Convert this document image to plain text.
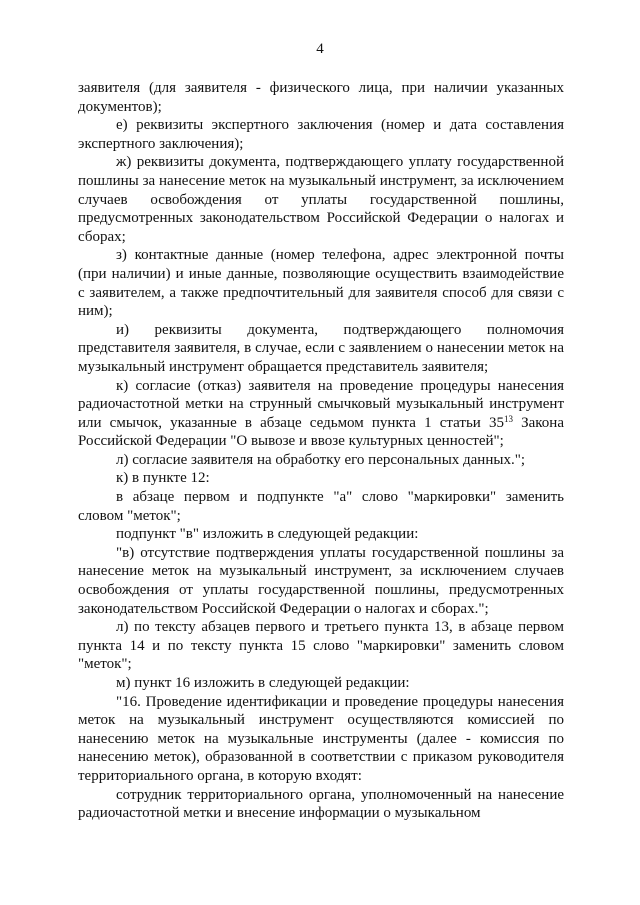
4

заявителя (для заявителя - физического лица, при наличии указанных документов);

е) реквизиты экспертного заключения (номер и дата составления экспертного заключения);

ж) реквизиты документа, подтверждающего уплату государственной пошлины за нанесение меток на музыкальный инструмент, за исключением случаев освобождения от уплаты государственной пошлины, предусмотренных законодательством Российской Федерации о налогах и сборах;

з) контактные данные (номер телефона, адрес электронной почты (при наличии) и иные данные, позволяющие осуществить взаимодействие с заявителем, а также предпочтительный для заявителя способ для связи с ним);

и) реквизиты документа, подтверждающего полномочия представителя заявителя, в случае, если с заявлением о нанесении меток на музыкальный инструмент обращается представитель заявителя;

к) согласие (отказ) заявителя на проведение процедуры нанесения радиочастотной метки на струнный смычковый музыкальный инструмент или смычок, указанные в абзаце седьмом пункта 1 статьи $35^{13}$ Закона Российской Федерации "О вывозе и ввозе культурных ценностей";

л) согласие заявителя на обработку его персональных данных.";

к) в пункте 12:

в абзаце первом и подпункте "а" слово "маркировки" заменить словом "меток";

подпункт "в" изложить в следующей редакции:

"в) отсутствие подтверждения уплаты государственной пошлины за нанесение меток на музыкальный инструмент, за исключением случаев освобождения от уплаты государственной пошлины, предусмотренных законодательством Российской Федерации о налогах и сборах.";

л) по тексту абзацев первого и третьего пункта 13, в абзаце первом пункта 14 и по тексту пункта 15 слово "маркировки" заменить словом "меток";

м) пункт 16 изложить в следующей редакции:

"16. Проведение идентификации и проведение процедуры нанесения меток на музыкальный инструмент осуществляются комиссией по нанесению меток на музыкальные инструменты (далее - комиссия по нанесению меток), образованной в соответствии с приказом руководителя территориального органа, в которую входят:

сотрудник территориального органа, уполномоченный на нанесение радиочастотной метки и внесение информации о музыкальном
